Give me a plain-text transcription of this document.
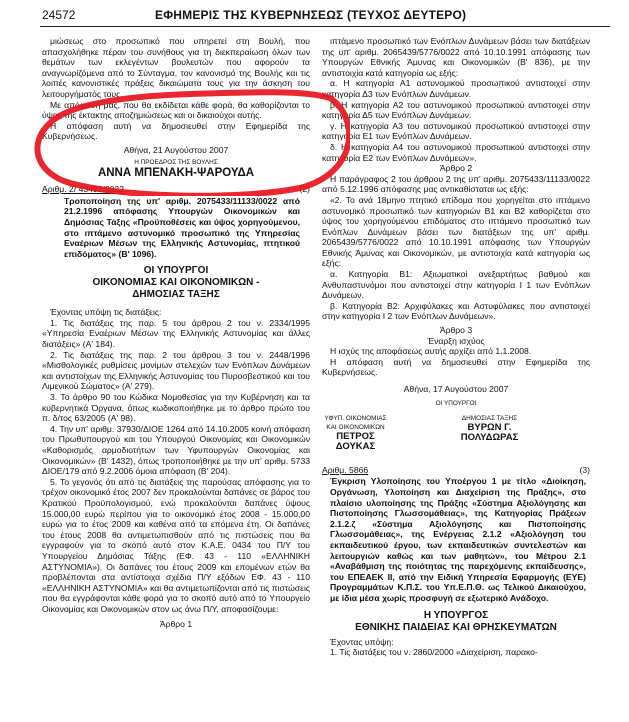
24572	ΕΦΗΜΕΡΙΣ ΤΗΣ ΚΥΒΕΡΝΗΣΕΩΣ (ΤΕΥΧΟΣ ΔΕΥΤΕΡΟ)

μιώσεως στο προσωπικό που υπηρετεί στη Βουλή, που απασχολήθηκε πέραν του συνήθους για τη διεκπεραίωση όλων των θεμάτων των εκλεγέντων βουλευτών που αφορούν τα αναγνωρίζόμενα από το Σύνταγμα, τον κανονισμό της Βουλής και τις λοιπές κανονιστικές πράξεις δικαιώματα τους για την άσκηση του λειτουργήματός τους.

Με απόφαση μας, που θα εκδίδεται κάθε φορά, θα καθορίζονται το ύψος της έκτακτης αποζημιώσεως και οι δικαιούχοι αυτής.

Η απόφαση αυτή να δημοσιευθεί στην Εφημερίδα της Κυβερνήσεως.

Αθήνα, 21 Αυγούστου 2007

Η ΠΡΟΕΔΡΟΣ ΤΗΣ ΒΟΥΛΗΣ

ΑΝΝΑ ΜΠΕΝΑΚΗ-ΨΑΡΟΥΔΑ
Αριθμ. 2/ 43492/0022	(2)

Τροποποίηση της υπ' αριθμ. 2075433/11133/0022 από 21.2.1996 απόφασης Υπουργών Οικονομικών και Δημόσιας Τάξης «Προϋποθέσεις και ύψος χορηγούμενου, στο ιπτάμενο αστυνομικό προσωπικό της Υπηρεσίας Εναέριων Μέσων της Ελληνικής Αστυνομίας, πτητικού επιδόματος» (Β' 1096).

ΟΙ ΥΠΟΥΡΓΟΙ
ΟΙΚΟΝΟΜΙΑΣ ΚΑΙ ΟΙΚΟΝΟΜΙΚΩΝ -
ΔΗΜΟΣΙΑΣ ΤΑΞΗΣ

Έχοντας υπόψη τις διατάξεις:

1. Τις διατάξεις της παρ. 5 του άρθρου 2 του ν. 2334/1995 «Υπηρεσία Εναέριων Μέσων της Ελληνικής Αστυνομίας και άλλες διατάξεις» (Α' 184).

2. Τις διατάξεις της παρ. 2 του άρθρου 3 του ν. 2448/1996 «Μισθολογικές ρυθμίσεις μονίμων στελεχών των Ενόπλων Δυνάμεων και αντιστοίχων της Ελληνικής Αστυνομίας του Πυροσβεστικού και του Λιμενικού Σώματος» (Α' 279).

3. Το άρθρο 90 του Κώδικα Νομοθεσίας για την Κυβέρνηση και τα κυβερνητικά Όργανα, όπως κωδικοποιήθηκε με το άρθρο πρώτο του π. δ/τος 63/2005 (Α' 98).

4. Την υπ' αριθμ. 37930/ΔΙΟΕ 1264 από 14.10.2005 κοινή απόφαση του Πρωθυπουργού και του Υπουργού Οικονομίας και Οικονομικών «Καθορισμός αρμοδιοτήτων των Υφυπουργών Οικονομίας και Οικονομικών» (Β' 1432), όπως τροποποιήθηκε με την υπ' αριθμ. 5733 ΔΙΟΕ/179 από 9.2.2006 όμοια απόφαση (Β' 204).

5. Το γεγονός ότι από τις διατάξεις της παρούσας απόφασης για το τρέχον οικονομικό έτος 2007 δεν προκαλούνται δαπάνες σε βάρος του Κρατικού Προϋπολογισμού, ενώ προκαλούνται δαπάνες ύψους 15.000,00 ευρώ περίπου για το οικονομικό έτος 2008 - 15.000,00 ευρώ για το έτος 2009 και καθένα από τα επόμενα έτη. Οι δαπάνες του έτους 2008 θα αντιμετωπισθούν από τις πιστώσεις που θα εγγραφούν για το σκοπό αυτό στον Κ.Α.Ε. 0434 του Π/Υ του Υπουργείου Δημόσιας Τάξης (ΕΦ. 43 - 110 «ΕΛΛΗΝΙΚΗ ΑΣΤΥΝΟΜΙΑ»). Οι δαπάνες του έτους 2009 και επομένων ετών θα προβλέπονται στα αντίστοιχα σχέδια Π/Υ εξόδων ΕΦ. 43 - 110 «ΕΛΛΗΝΙΚΗ ΑΣΤΥΝΟΜΙΑ» και θα αντιμετωπίζονται από τις πιστώσεις που θα εγγράφονται κάθε φορά για το σκοπό αυτό από το Υπουργείο Οικονομίας και Οικονομικών στον ως άνω Π/Υ, αποφασίζουμε:

Άρθρο 1

ιπτάμενο προσωπικό των Ενόπλων Δυνάμεων βάσει των διατάξεων της υπ' αριθμ. 2065439/5776/0022 από 10.10.1991 απόφασης των Υπουργών Εθνικής Άμυνας και Οικονομικών (Β' 836), με την αντιστοιχία κατά κατηγορία ως εξής:

α. Η κατηγορία Α1 αστυνομικού προσωπικού αντιστοιχεί στην κατηγορία Δ3 των Ενόπλων Δυνάμεων.

β. Η κατηγορία Α2 του αστυνομικού προσωπικού αντιστοιχεί στην κατηγορία Δ5 των Ενόπλων Δυνάμεων.

γ. Η κατηγορία Α3 του αστυνομικού προσωπικού αντιστοιχεί στην κατηγορία Ε1 των Ενόπλων Δυνάμεων.

δ. Η κατηγορία Α4 του αστυνομικού προσωπικού αντιστοιχεί στην κατηγορία Ε2 των Ενόπλων Δυνάμεων».

Άρθρο 2

Η παράγραφος 2 του άρθρου 2 της υπ' αριθμ. 2075433/11133/0022 από 5.12.1996 απόφασης μας αντικαθίσταται ως εξής:

«2. Το ανά 18μηνο πτητικό επίδομα που χορηγείται στο ιπτάμενο αστυνομικό προσωπικό των κατηγοριών Β1 και Β2 καθορίζεται στο ύψος του χορηγούμενου επιδόματος στο ιπτάμενο προσωπικό των Ενόπλων Δυνάμεων βάσει των διατάξεων της υπ' αριθμ. 2065439/5776/0022 από 10.10.1991 απόφασης των Υπουργών Εθνικής Άμυνας και Οικονομικών, με αντιστοιχία κατά κατηγορία ως εξής:

α. Κατηγορία Β1: Αξιωματικοί ανεξαρτήτως βαθμού και Ανθυπαστυνόμοι που αντιστοιχεί στην κατηγορία Ι 1 των Ενόπλων Δυνάμεων.

β. Κατηγορία Β2: Αρχιφύλακες και Αστυφύλακες που αντιστοιχεί στην κατηγορία Ι 2 των Ενόπλων Δυνάμεων».

Άρθρο 3

Έναρξη ισχύος

Η ισχύς της αποφάσεως αυτής αρχίζει από 1.1.2008.

Η απόφαση αυτή να δημοσιευθεί στην Εφημερίδα της Κυβερνήσεως.

Αθήνα, 17 Αυγούστου 2007

ΟΙ ΥΠΟΥΡΓΟΙ

ΥΦΥΠ. ΟΙΚΟΝΟΜΙΑΣ ΚΑΙ ΟΙΚΟΝΟΜΙΚΩΝ
ΠΕΤΡΟΣ ΔΟΥΚΑΣ
ΔΗΜΟΣΙΑΣ ΤΑΞΗΣ
ΒΥΡΩΝ Γ. ΠΟΛΥΔΩΡΑΣ
Αριθμ. 5866	(3)

Έγκριση Υλοποίησης του Υποέργου 1 με τίτλο «Διοίκηση, Οργάνωση, Υλοποίηση και Διαχείριση της Πράξης», στο πλαίσιο υλοποίησης της Πράξης «Σύστημα Αξιολόγησης και Πιστοποίησης Γλωσσομάθειας», της Κατηγορίας Πράξεων 2.1.2.ζ «Σύστημα Αξιολόγησης και Πιστοποίησης Γλωσσομάθειας», της Ενέργειας 2.1.2 «Αξιολόγηση του εκπαιδευτικού έργου, των εκπαιδευτικών συντελεστών και λειτουργιών καθώς και των μαθητών», του Μέτρου 2.1 «Αναβάθμιση της ποιότητας της παρεχόμενης εκπαίδευσης», του ΕΠΕΑΕΚ ΙΙ, από την Ειδική Υπηρεσία Εφαρμογής (ΕΥΕ) Προγραμμάτων Κ.Π.Σ. του Υπ.Ε.Π.Θ. ως Τελικού Δικαιούχου, με ίδια μέσα χωρίς προσφυγή σε εξωτερικό Ανάδοχο.

Η ΥΠΟΥΡΓΟΣ
ΕΘΝΙΚΗΣ ΠΑΙΔΕΙΑΣ ΚΑΙ ΘΡΗΣΚΕΥΜΑΤΩΝ

Έχοντας υπόψη:

1. Τις διατάξεις του ν. 2860/2000 «Διαχείριση, παρακο-
